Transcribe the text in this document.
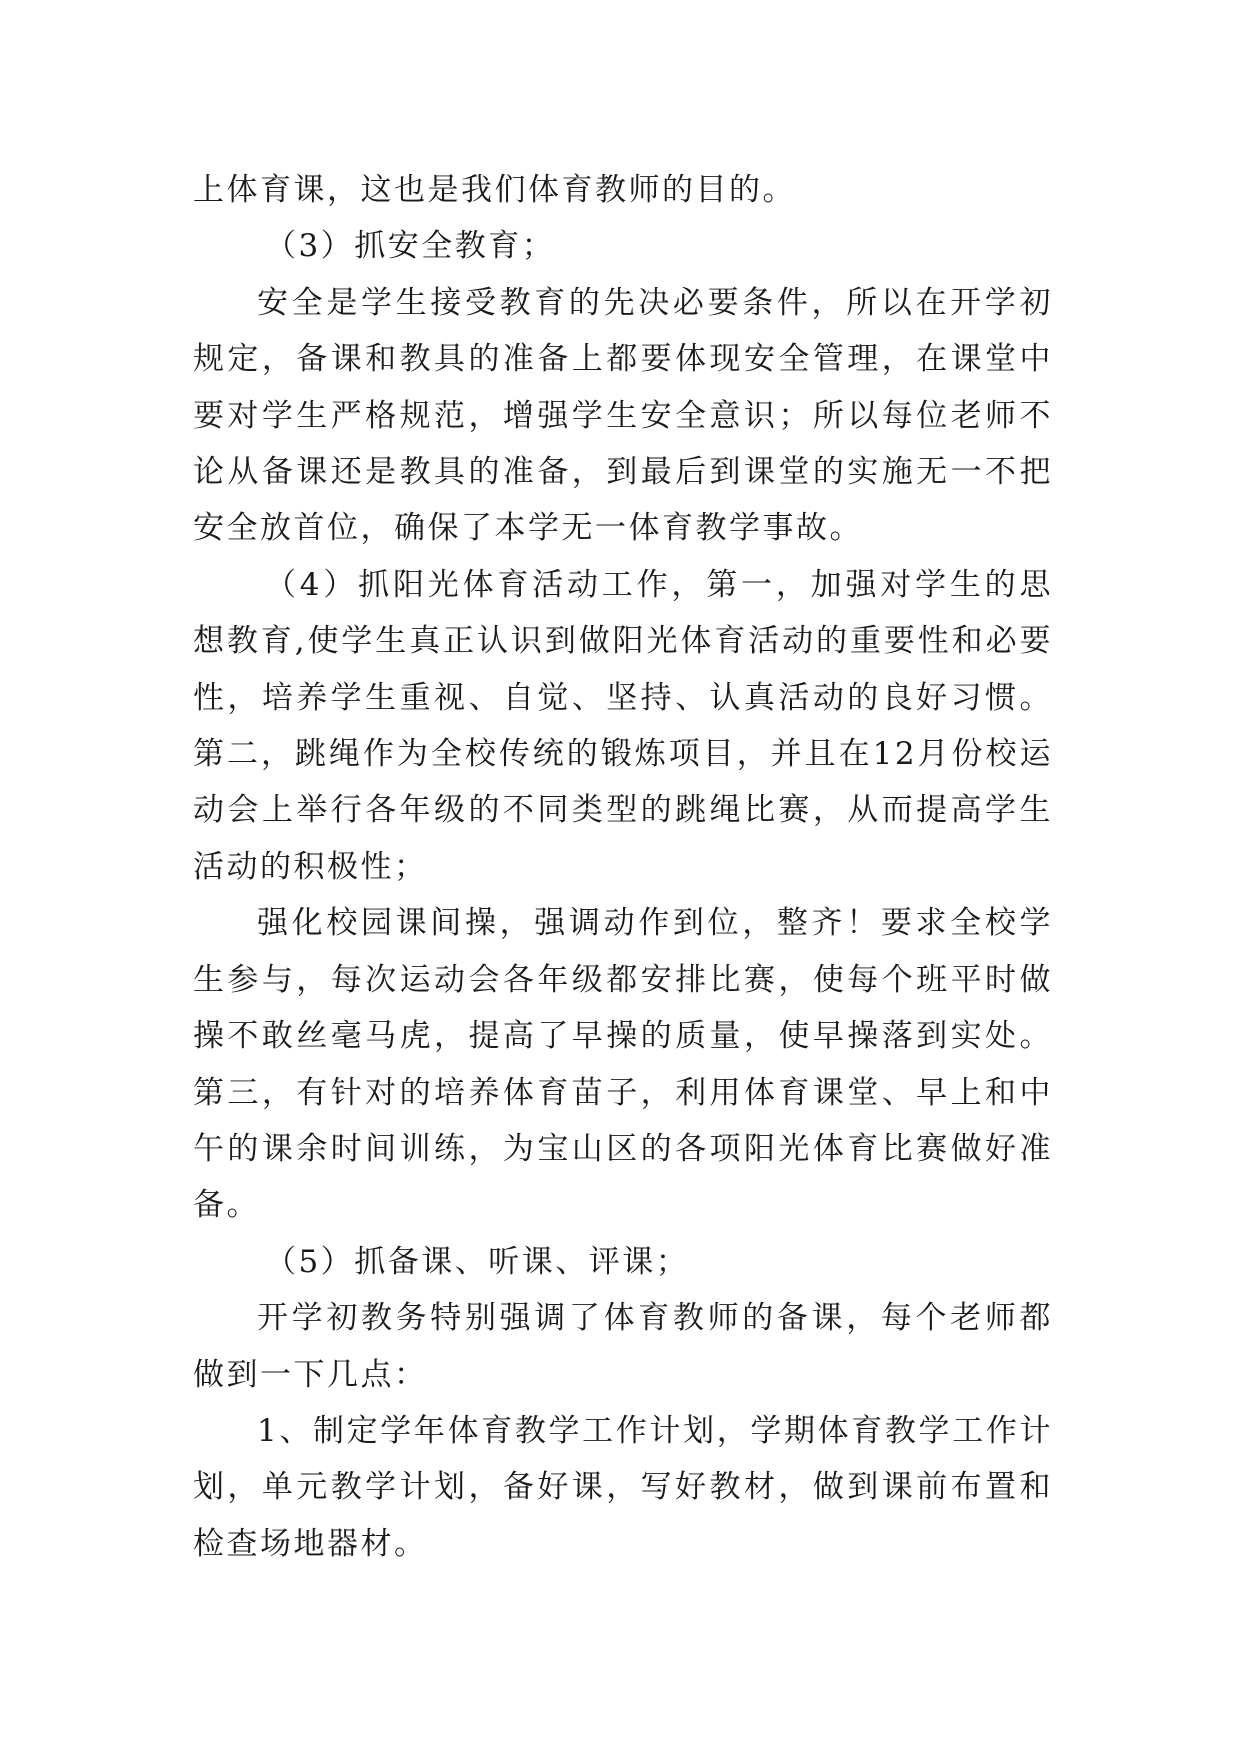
上体育课，这也是我们体育教师的目的。

（3）抓安全教育；

安全是学生接受教育的先决必要条件，所以在开学初规定，备课和教具的准备上都要体现安全管理，在课堂中要对学生严格规范，增强学生安全意识；所以每位老师不论从备课还是教具的准备，到最后到课堂的实施无一不把安全放首位，确保了本学无一体育教学事故。

（4）抓阳光体育活动工作，第一，加强对学生的思想教育,使学生真正认识到做阳光体育活动的重要性和必要性，培养学生重视、自觉、坚持、认真活动的良好习惯。第二，跳绳作为全校传统的锻炼项目，并且在12月份校运动会上举行各年级的不同类型的跳绳比赛，从而提高学生活动的积极性；

强化校园课间操，强调动作到位，整齐！要求全校学生参与，每次运动会各年级都安排比赛，使每个班平时做操不敢丝毫马虎，提高了早操的质量，使早操落到实处。第三，有针对的培养体育苗子，利用体育课堂、早上和中午的课余时间训练，为宝山区的各项阳光体育比赛做好准备。

（5）抓备课、听课、评课；

开学初教务特别强调了体育教师的备课，每个老师都做到一下几点：

1、制定学年体育教学工作计划，学期体育教学工作计划，单元教学计划，备好课，写好教材，做到课前布置和检查场地器材。
